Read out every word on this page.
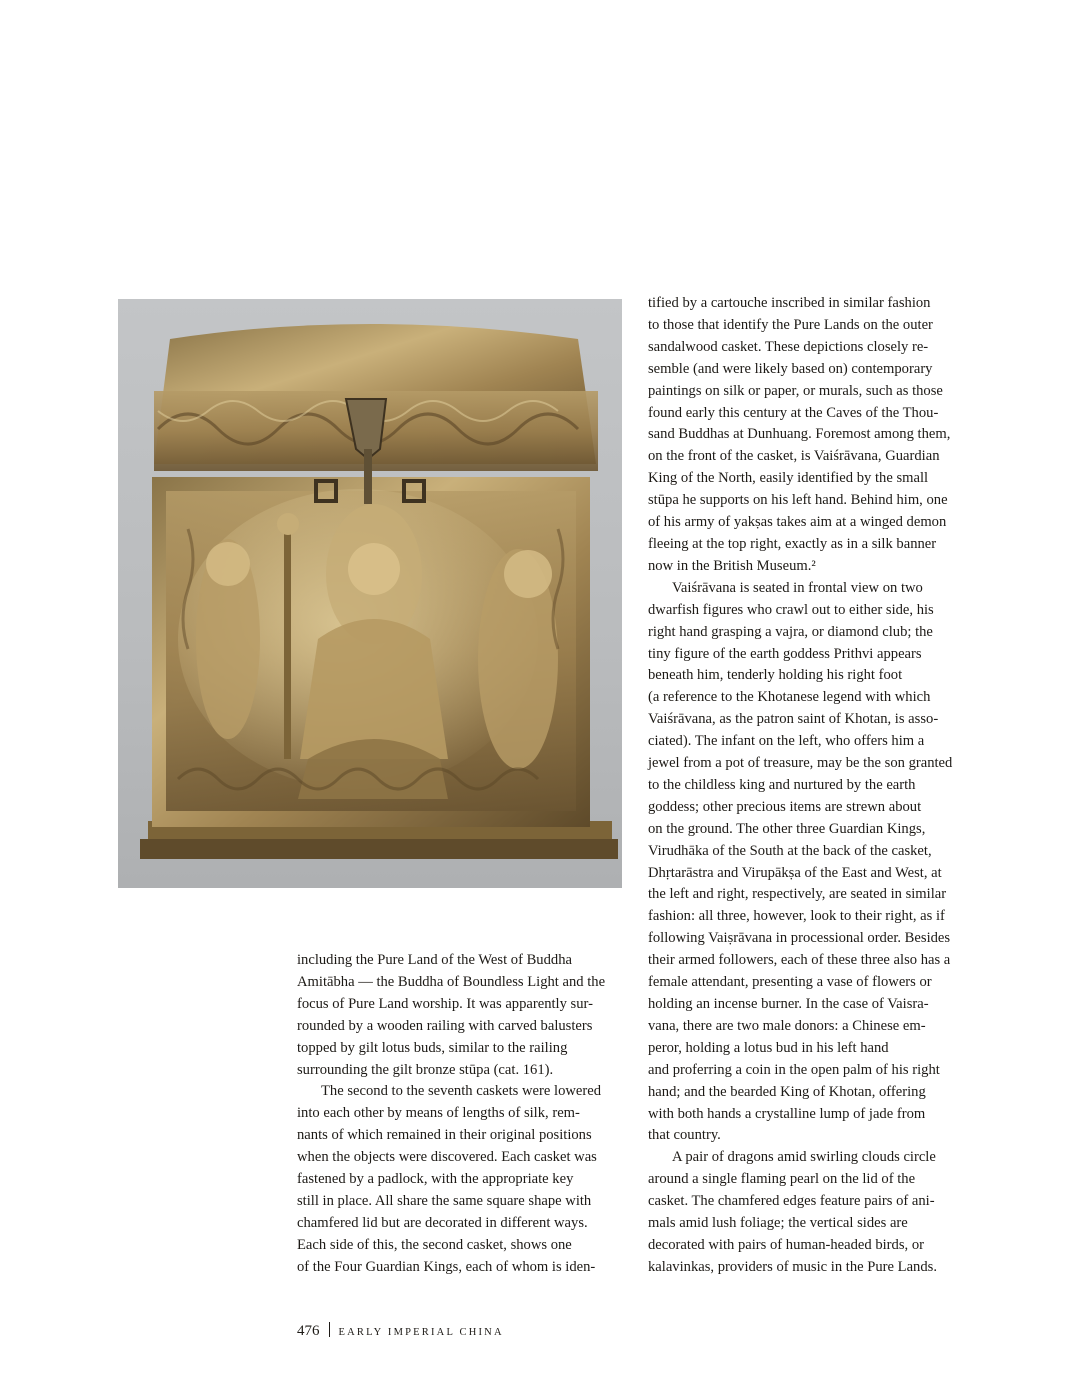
tified by a cartouche inscribed in similar fashion
to those that identify the Pure Lands on the outer
sandalwood casket. These depictions closely re-
semble (and were likely based on) contemporary
paintings on silk or paper, or murals, such as those
found early this century at the Caves of the Thou-
sand Buddhas at Dunhuang. Foremost among them,
on the front of the casket, is Vaiśrāvana, Guardian
King of the North, easily identified by the small
stūpa he supports on his left hand. Behind him, one
of his army of yakṣas takes aim at a winged demon
fleeing at the top right, exactly as in a silk banner
now in the British Museum.²
Vaiśrāvana is seated in frontal view on two
dwarfish figures who crawl out to either side, his
right hand grasping a vajra, or diamond club; the
tiny figure of the earth goddess Prithvi appears
beneath him, tenderly holding his right foot
(a reference to the Khotanese legend with which
Vaiśrāvana, as the patron saint of Khotan, is asso-
ciated). The infant on the left, who offers him a
jewel from a pot of treasure, may be the son granted
to the childless king and nurtured by the earth
goddess; other precious items are strewn about
on the ground. The other three Guardian Kings,
Virudhāka of the South at the back of the casket,
Dhṛtarāstra and Virupākṣa of the East and West, at
the left and right, respectively, are seated in similar
fashion: all three, however, look to their right, as if
following Vaiṣrāvana in processional order. Besides
their armed followers, each of these three also has a
female attendant, presenting a vase of flowers or
holding an incense burner. In the case of Vaisra-
vana, there are two male donors: a Chinese em-
peror, holding a lotus bud in his left hand
and proferring a coin in the open palm of his right
hand; and the bearded King of Khotan, offering
with both hands a crystalline lump of jade from
that country.
A pair of dragons amid swirling clouds circle
around a single flaming pearl on the lid of the
casket. The chamfered edges feature pairs of ani-
mals amid lush foliage; the vertical sides are
decorated with pairs of human-headed birds, or
kalavinkas, providers of music in the Pure Lands.
including the Pure Land of the West of Buddha
Amitābha — the Buddha of Boundless Light and the
focus of Pure Land worship. It was apparently sur-
rounded by a wooden railing with carved balusters
topped by gilt lotus buds, similar to the railing
surrounding the gilt bronze stūpa (cat. 161).
The second to the seventh caskets were lowered
into each other by means of lengths of silk, rem-
nants of which remained in their original positions
when the objects were discovered. Each casket was
fastened by a padlock, with the appropriate key
still in place. All share the same square shape with
chamfered lid but are decorated in different ways.
Each side of this, the second casket, shows one
of the Four Guardian Kings, each of whom is iden-
476 EARLY IMPERIAL CHINA
